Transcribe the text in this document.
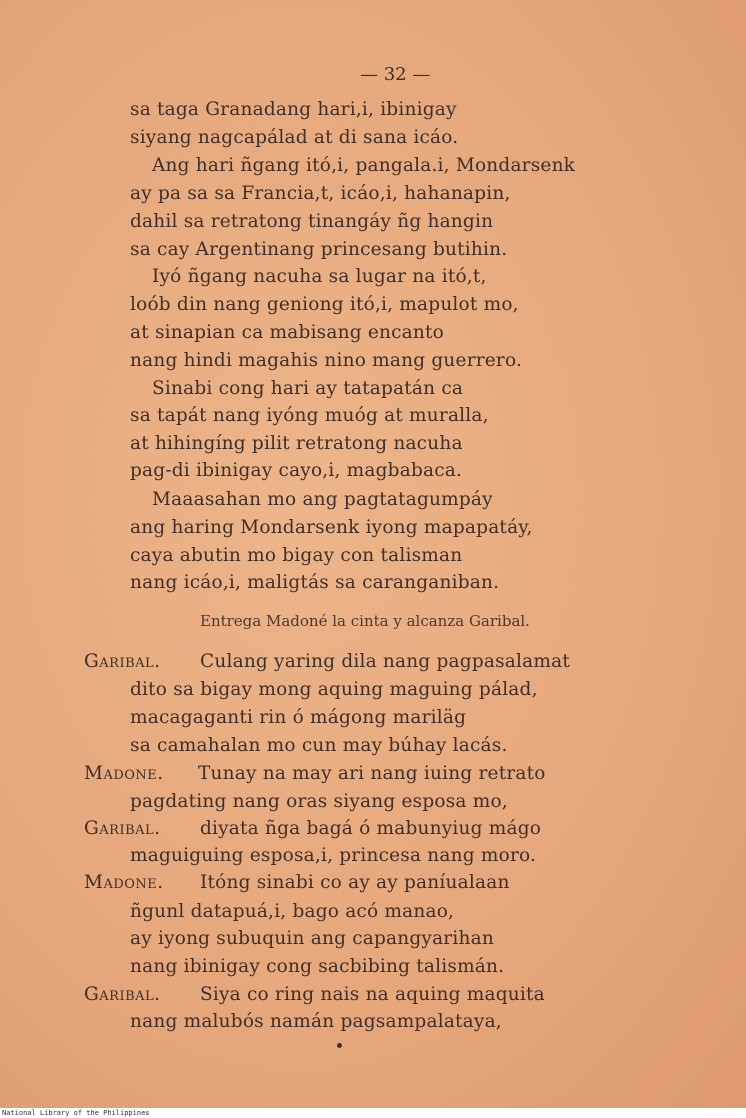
— 32 —
sa taga Granadang hari,i, ibinigay
siyang nagcapálad at di sana icáo.
Ang hari ñgang itó,i, pangala.i, Mondarsenk
ay pa sa sa Francia,t, icáo,i, hahanapin,
dahil sa retratong tinangáy ñg hangin
sa cay Argentinang princesang butihin.
Iyó ñgang nacuha sa lugar na itó,t,
loób din nang geniong itó,i, mapulot mo,
at sinapian ca mabisang encanto
nang hindi magahis nino mang guerrero.
Sinabi cong hari ay tatapatán ca
sa tapát nang iyóng muóg at muralla,
at hihingíng pilit retratong nacuha
pag-di ibinigay cayo,i, magbabaca.
Maaasahan mo ang pagtatagumpáy
ang haring Mondarsenk iyong mapapatáy,
caya abutin mo bigay con talisman
nang icáo,i, maligtás sa caranganiban.
Entrega Madoné la cinta y alcanza Garibal.
Garibal. Culang yaring dila nang pagpasalamat
dito sa bigay mong aquing maguing pálad,
macagaganti rin ó mágong mariläg
sa camahalan mo cun may búhay lacás.
Madone. Tunay na may ari nang iuing retrato
pagdating nang oras siyang esposa mo,
Garibal. diyata ñga bagá ó mabunyiug mágo
maguiguing esposa,i, princesa nang moro.
Madone. Itóng sinabi co ay ay paníualaan
ñgunl datapuá,i, bago acó manao,
ay iyong subuquin ang capangyarihan
nang ibinigay cong sacbibing talismán.
Garibal. Siya co ring nais na aquing maquita
nang malubós namán pagsampalataya,
National Library of the Philippines
